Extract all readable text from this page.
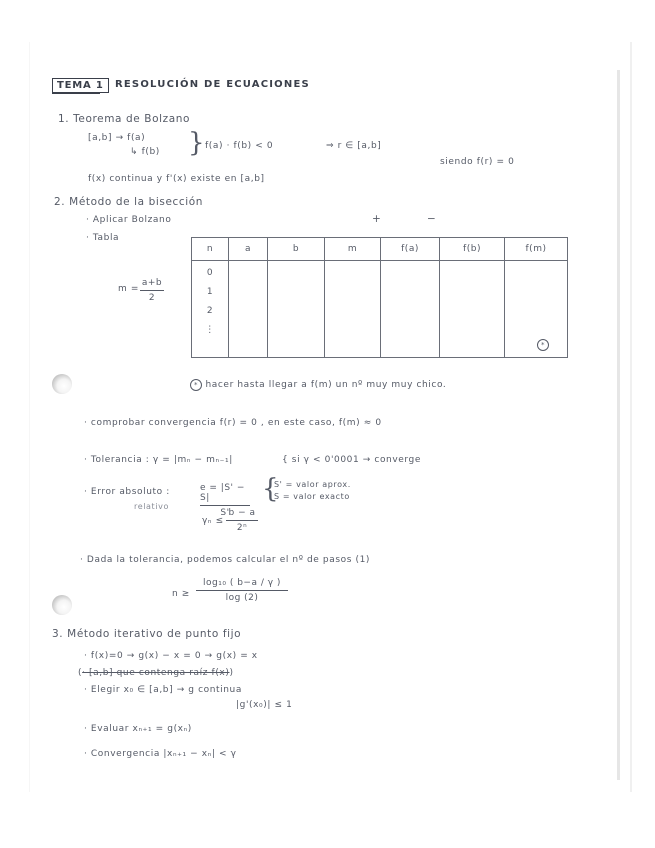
TEMA 1	RESOLUCIÓN DE ECUACIONES
1. Teorema de Bolzano
[a,b] → f(a)
↳ f(b) } f(a) · f(b) < 0	⇒ r ∈ [a,b]
siendo f(r) = 0
f(x) continua y f'(x) existe en [a,b]
2. Método de la bisección
· Aplicar Bolzano
· Tabla
+	−
m =
a+b
2
n	a	b	m	f(a)	f(b)	f(m)

0
1
2
⋮						*
* hacer hasta llegar a f(m) un nº muy muy chico.
· comprobar convergencia f(r) = 0 , en este caso, f(m) ≈ 0
· Tolerancia : γ = |mₙ − mₙ₋₁|	{ si γ < 0'0001 → converge
· Error absoluto :	e = |S' − S|
S'
{
S' = valor aprox.
S = valor exacto
relativo
γₙ ≤
b − a
2ⁿ
· Dada la tolerancia, podemos calcular el nº de pasos (1)
n ≥
log₁₀ ( b−a / γ )
log (2)
3. Método iterativo de punto fijo
· f(x)=0 → g(x) − x = 0 → g(x) = x
(· [a,b] que contenga raíz f(x))
· Elegir x₀ ∈ [a,b] → g continua
|g'(x₀)| ≤ 1
· Evaluar xₙ₊₁ = g(xₙ)
· Convergencia |xₙ₊₁ − xₙ| < γ
